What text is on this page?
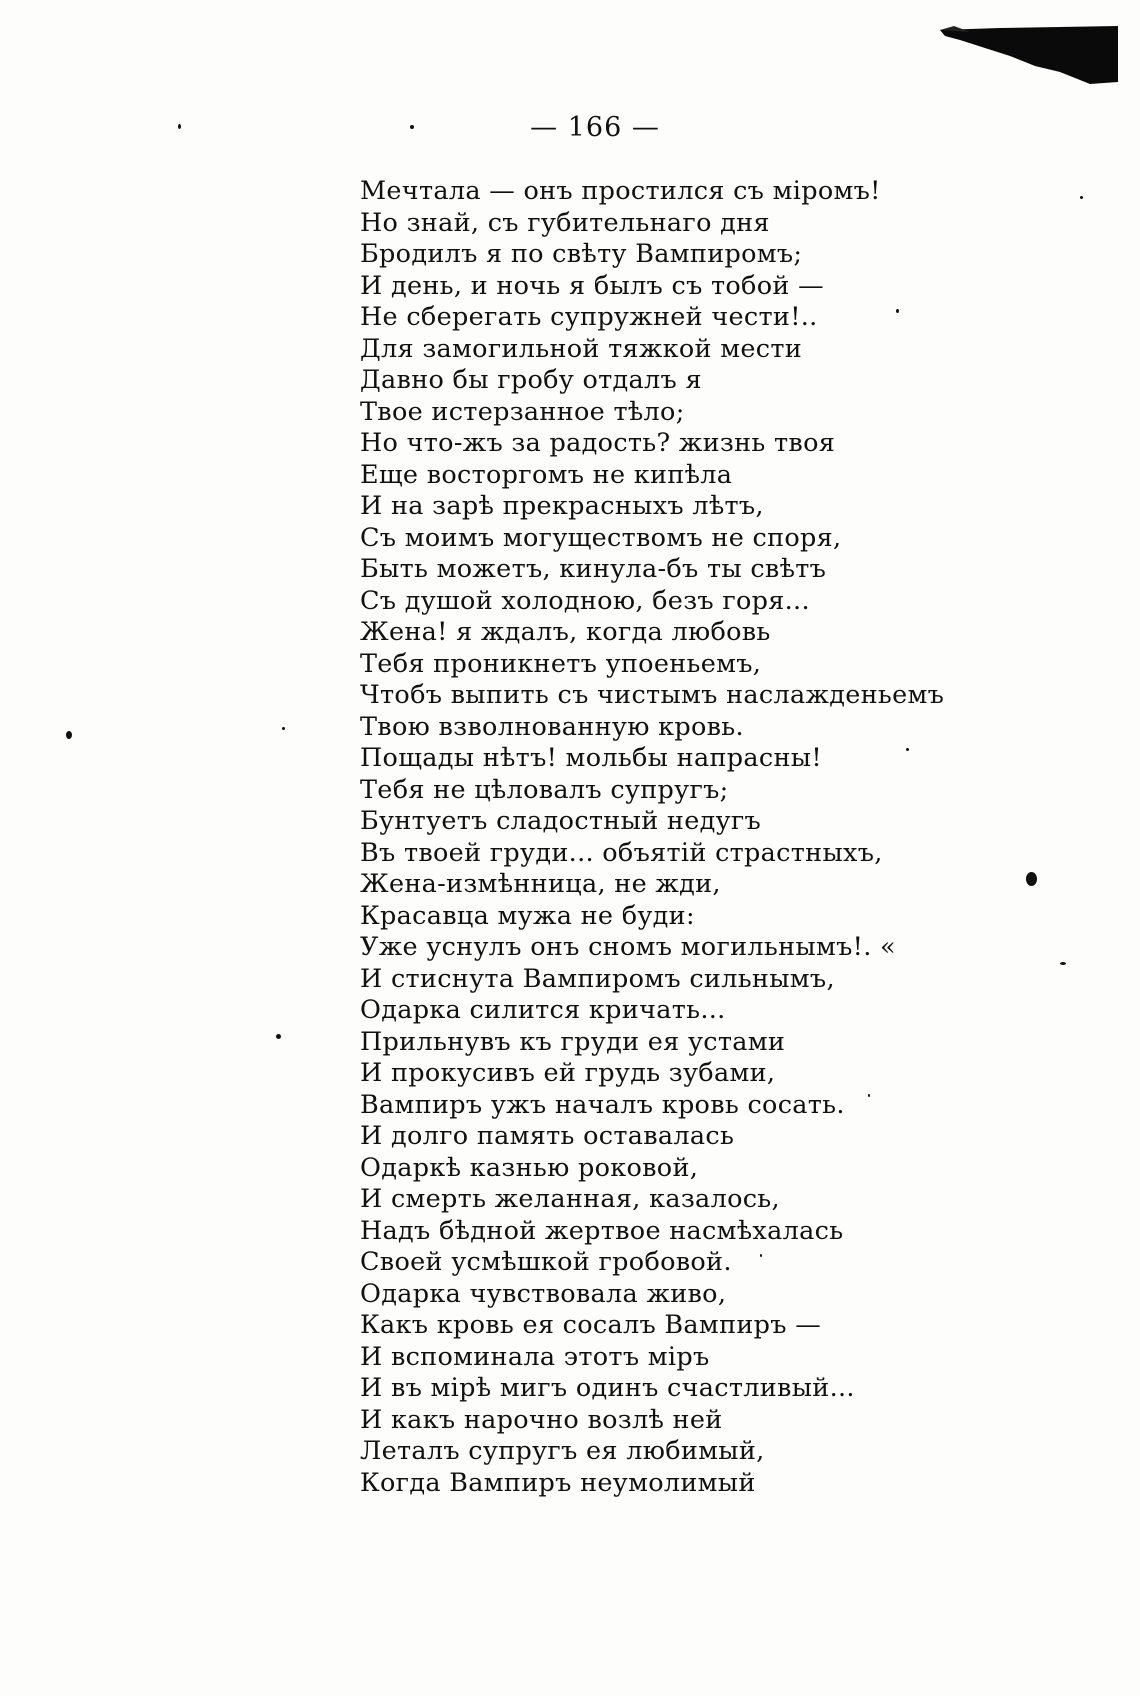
— 166 —
Мечтала — онъ простился съ міромъ!
Но знай, съ губительнаго дня
Бродилъ я по свѣту Вампиромъ;
И день, и ночь я былъ съ тобой —
Не сберегать супружней чести!..
Для замогильной тяжкой мести
Давно бы гробу отдалъ я
Твое истерзанное тѣло;
Но что-жъ за радость? жизнь твоя
Еще восторгомъ не кипѣла
И на зарѣ прекрасныхъ лѣтъ,
Съ моимъ могуществомъ не споря,
Быть можетъ, кинула-бъ ты свѣтъ
Съ душой холодною, безъ горя...
Жена! я ждалъ, когда любовь
Тебя проникнетъ упоеньемъ,
Чтобъ выпить съ чистымъ наслажденьемъ
Твою взволнованную кровь.
Пощады нѣтъ! мольбы напрасны!
Тебя не цѣловалъ супругъ;
Бунтуетъ сладостный недугъ
Въ твоей груди... объятій страстныхъ,
Жена-измѣнница, не жди,
Красавца мужа не буди:
Уже уснулъ онъ сномъ могильнымъ!. «
И стиснута Вампиромъ сильнымъ,
Одарка силится кричать...
Прильнувъ къ груди ея устами
И прокусивъ ей грудь зубами,
Вампиръ ужъ началъ кровь сосать.
И долго память оставалась
Одаркѣ казнью роковой,
И смерть желанная, казалось,
Надъ бѣдной жертвое насмѣхалась
Своей усмѣшкой гробовой.
Одарка чувствовала живо,
Какъ кровь ея сосалъ Вампиръ —
И вспоминала этотъ міръ
И въ мірѣ мигъ одинъ счастливый...
И какъ нарочно возлѣ ней
Леталъ супругъ ея любимый,
Когда Вампиръ неумолимый
